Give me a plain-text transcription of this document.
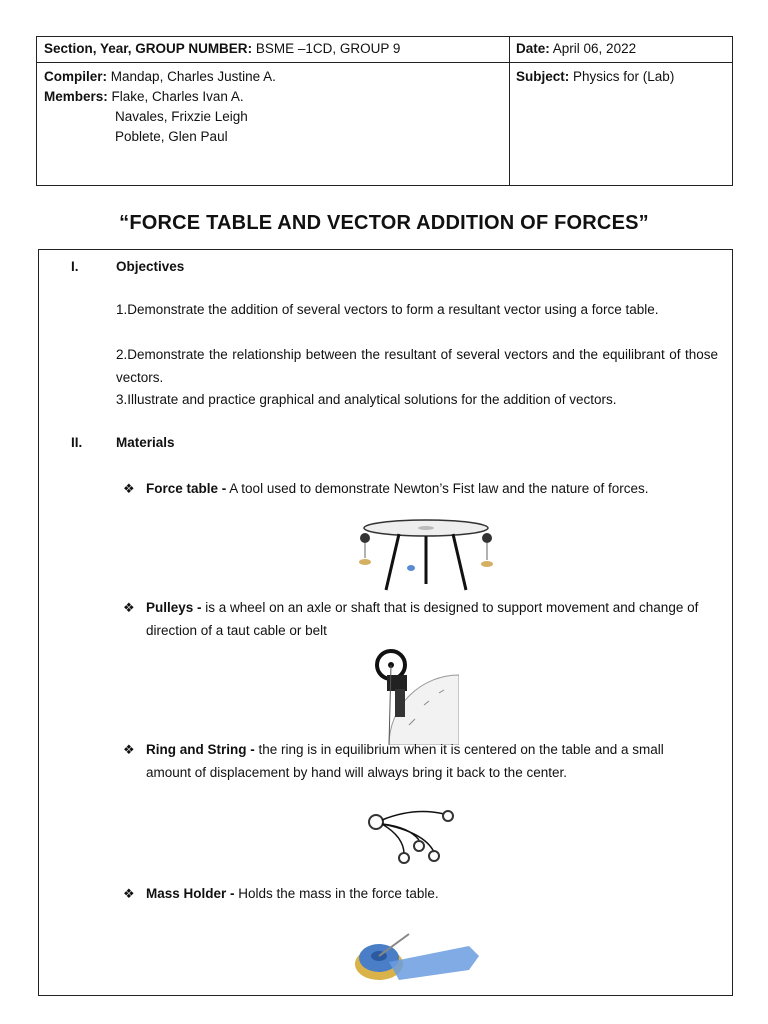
Section, Year, GROUP NUMBER: BSME –1CD, GROUP 9	Date: April 06, 2022
Compiler: Mandap, Charles Justine A.
Members: Flake, Charles Ivan A.
Navales, Frixzie Leigh
Poblete, Glen Paul
Subject: Physics for (Lab)
“FORCE TABLE AND VECTOR ADDITION OF FORCES”
I.	Objectives
1.Demonstrate the addition of several vectors to form a resultant vector using a force table.
2.Demonstrate the relationship between the resultant of several vectors and the equilibrant of those vectors.
3.Illustrate and practice graphical and analytical solutions for the addition of vectors.
II. Materials
❖ Force table - A tool used to demonstrate Newton’s Fist law and the nature of forces.
❖ Pulleys - is a wheel on an axle or shaft that is designed to support movement and change of direction of a taut cable or belt
❖ Ring and String - the ring is in equilibrium when it is centered on the table and a small amount of displacement by hand will always bring it back to the center.
❖ Mass Holder - Holds the mass in the force table.
